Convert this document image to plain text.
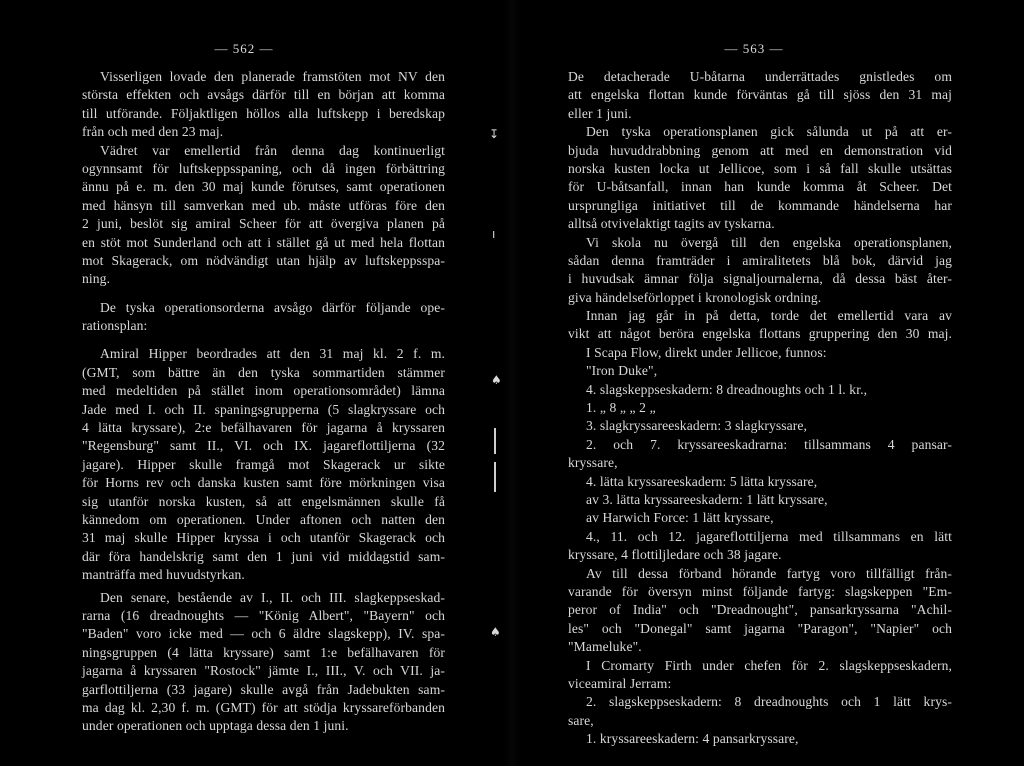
— 562 —
Visserligen lovade den planerade framstöten mot NV den
största effekten och avsågs därför till en början att komma
till utförande. Följaktligen höllos alla luftskepp i beredskap
från och med den 23 maj.
Vädret var emellertid från denna dag kontinuerligt
ogynnsamt för luftskeppsspaning, och då ingen förbättring
ännu på e. m. den 30 maj kunde förutses, samt operationen
med hänsyn till samverkan med ub. måste utföras före den
2 juni, beslöt sig amiral Scheer för att övergiva planen på
en stöt mot Sunderland och att i stället gå ut med hela flottan
mot Skagerack, om nödvändigt utan hjälp av luftskeppsspa-
ning.
De tyska operationsorderna avsågo därför följande ope-
rationsplan:
Amiral Hipper beordrades att den 31 maj kl. 2 f. m.
(GMT, som bättre än den tyska sommartiden stämmer
med medeltiden på stället inom operationsområdet) lämna
Jade med I. och II. spaningsgrupperna (5 slagkryssare och
4 lätta kryssare), 2:e befälhavaren för jagarna å kryssaren
"Regensburg" samt II., VI. och IX. jagareflottiljerna (32
jagare). Hipper skulle framgå mot Skagerack ur sikte
för Horns rev och danska kusten samt före mörkningen visa
sig utanför norska kusten, så att engelsmännen skulle få
kännedom om operationen. Under aftonen och natten den
31 maj skulle Hipper kryssa i och utanför Skagerack och
där föra handelskrig samt den 1 juni vid middagstid sam-
manträffa med huvudstyrkan.
Den senare, bestående av I., II. och III. slagkeppseskad-
rarna (16 dreadnoughts — "König Albert", "Bayern" och
"Baden" voro icke med — och 6 äldre slagskepp), IV. spa-
ningsgruppen (4 lätta kryssare) samt 1:e befälhavaren för
jagarna å kryssaren "Rostock" jämte I., III., V. och VII. ja-
garflottiljerna (33 jagare) skulle avgå från Jadebukten sam-
ma dag kl. 2,30 f. m. (GMT) för att stödja kryssareförbanden
under operationen och upptaga dessa den 1 juni.
— 563 —
De detacherade U-båtarna underrättades gnistledes om
att engelska flottan kunde förväntas gå till sjöss den 31 maj
eller 1 juni.
Den tyska operationsplanen gick sålunda ut på att er-
bjuda huvuddrabbning genom att med en demonstration vid
norska kusten locka ut Jellicoe, som i så fall skulle utsättas
för U-båtsanfall, innan han kunde komma åt Scheer. Det
ursprungliga initiativet till de kommande händelserna har
alltså otvivelaktigt tagits av tyskarna.
Vi skola nu övergå till den engelska operationsplanen,
sådan denna framträder i amiralitetets blå bok, därvid jag
i huvudsak ämnar följa signaljournalerna, då dessa bäst åter-
giva händelseförloppet i kronologisk ordning.
Innan jag går in på detta, torde det emellertid vara av
vikt att något beröra engelska flottans gruppering den 30 maj.
I Scapa Flow, direkt under Jellicoe, funnos:
"Iron Duke",
4. slagskeppseskadern: 8 dreadnoughts och 1 l. kr.,
1. „ 8 „ „ 2 „
3. slagkryssareeskadern: 3 slagkryssare,
2. och 7. kryssareeskadrarna: tillsammans 4 pansar-
kryssare,
4. lätta kryssareeskadern: 5 lätta kryssare,
av 3. lätta kryssareeskadern: 1 lätt kryssare,
av Harwich Force: 1 lätt kryssare,
4., 11. och 12. jagareflottiljerna med tillsammans en lätt
kryssare, 4 flottiljledare och 38 jagare.
Av till dessa förband hörande fartyg voro tillfälligt från-
varande för översyn minst följande fartyg: slagskeppen "Em-
peror of India" och "Dreadnought", pansarkryssarna "Achil-
les" och "Donegal" samt jagarna "Paragon", "Napier" och
"Mameluke".
I Cromarty Firth under chefen för 2. slagskeppseskadern,
viceamiral Jerram:
2. slagskeppseskadern: 8 dreadnoughts och 1 lätt krys-
sare,
1. kryssareeskadern: 4 pansarkryssare,
↧
ı
♠
♠
